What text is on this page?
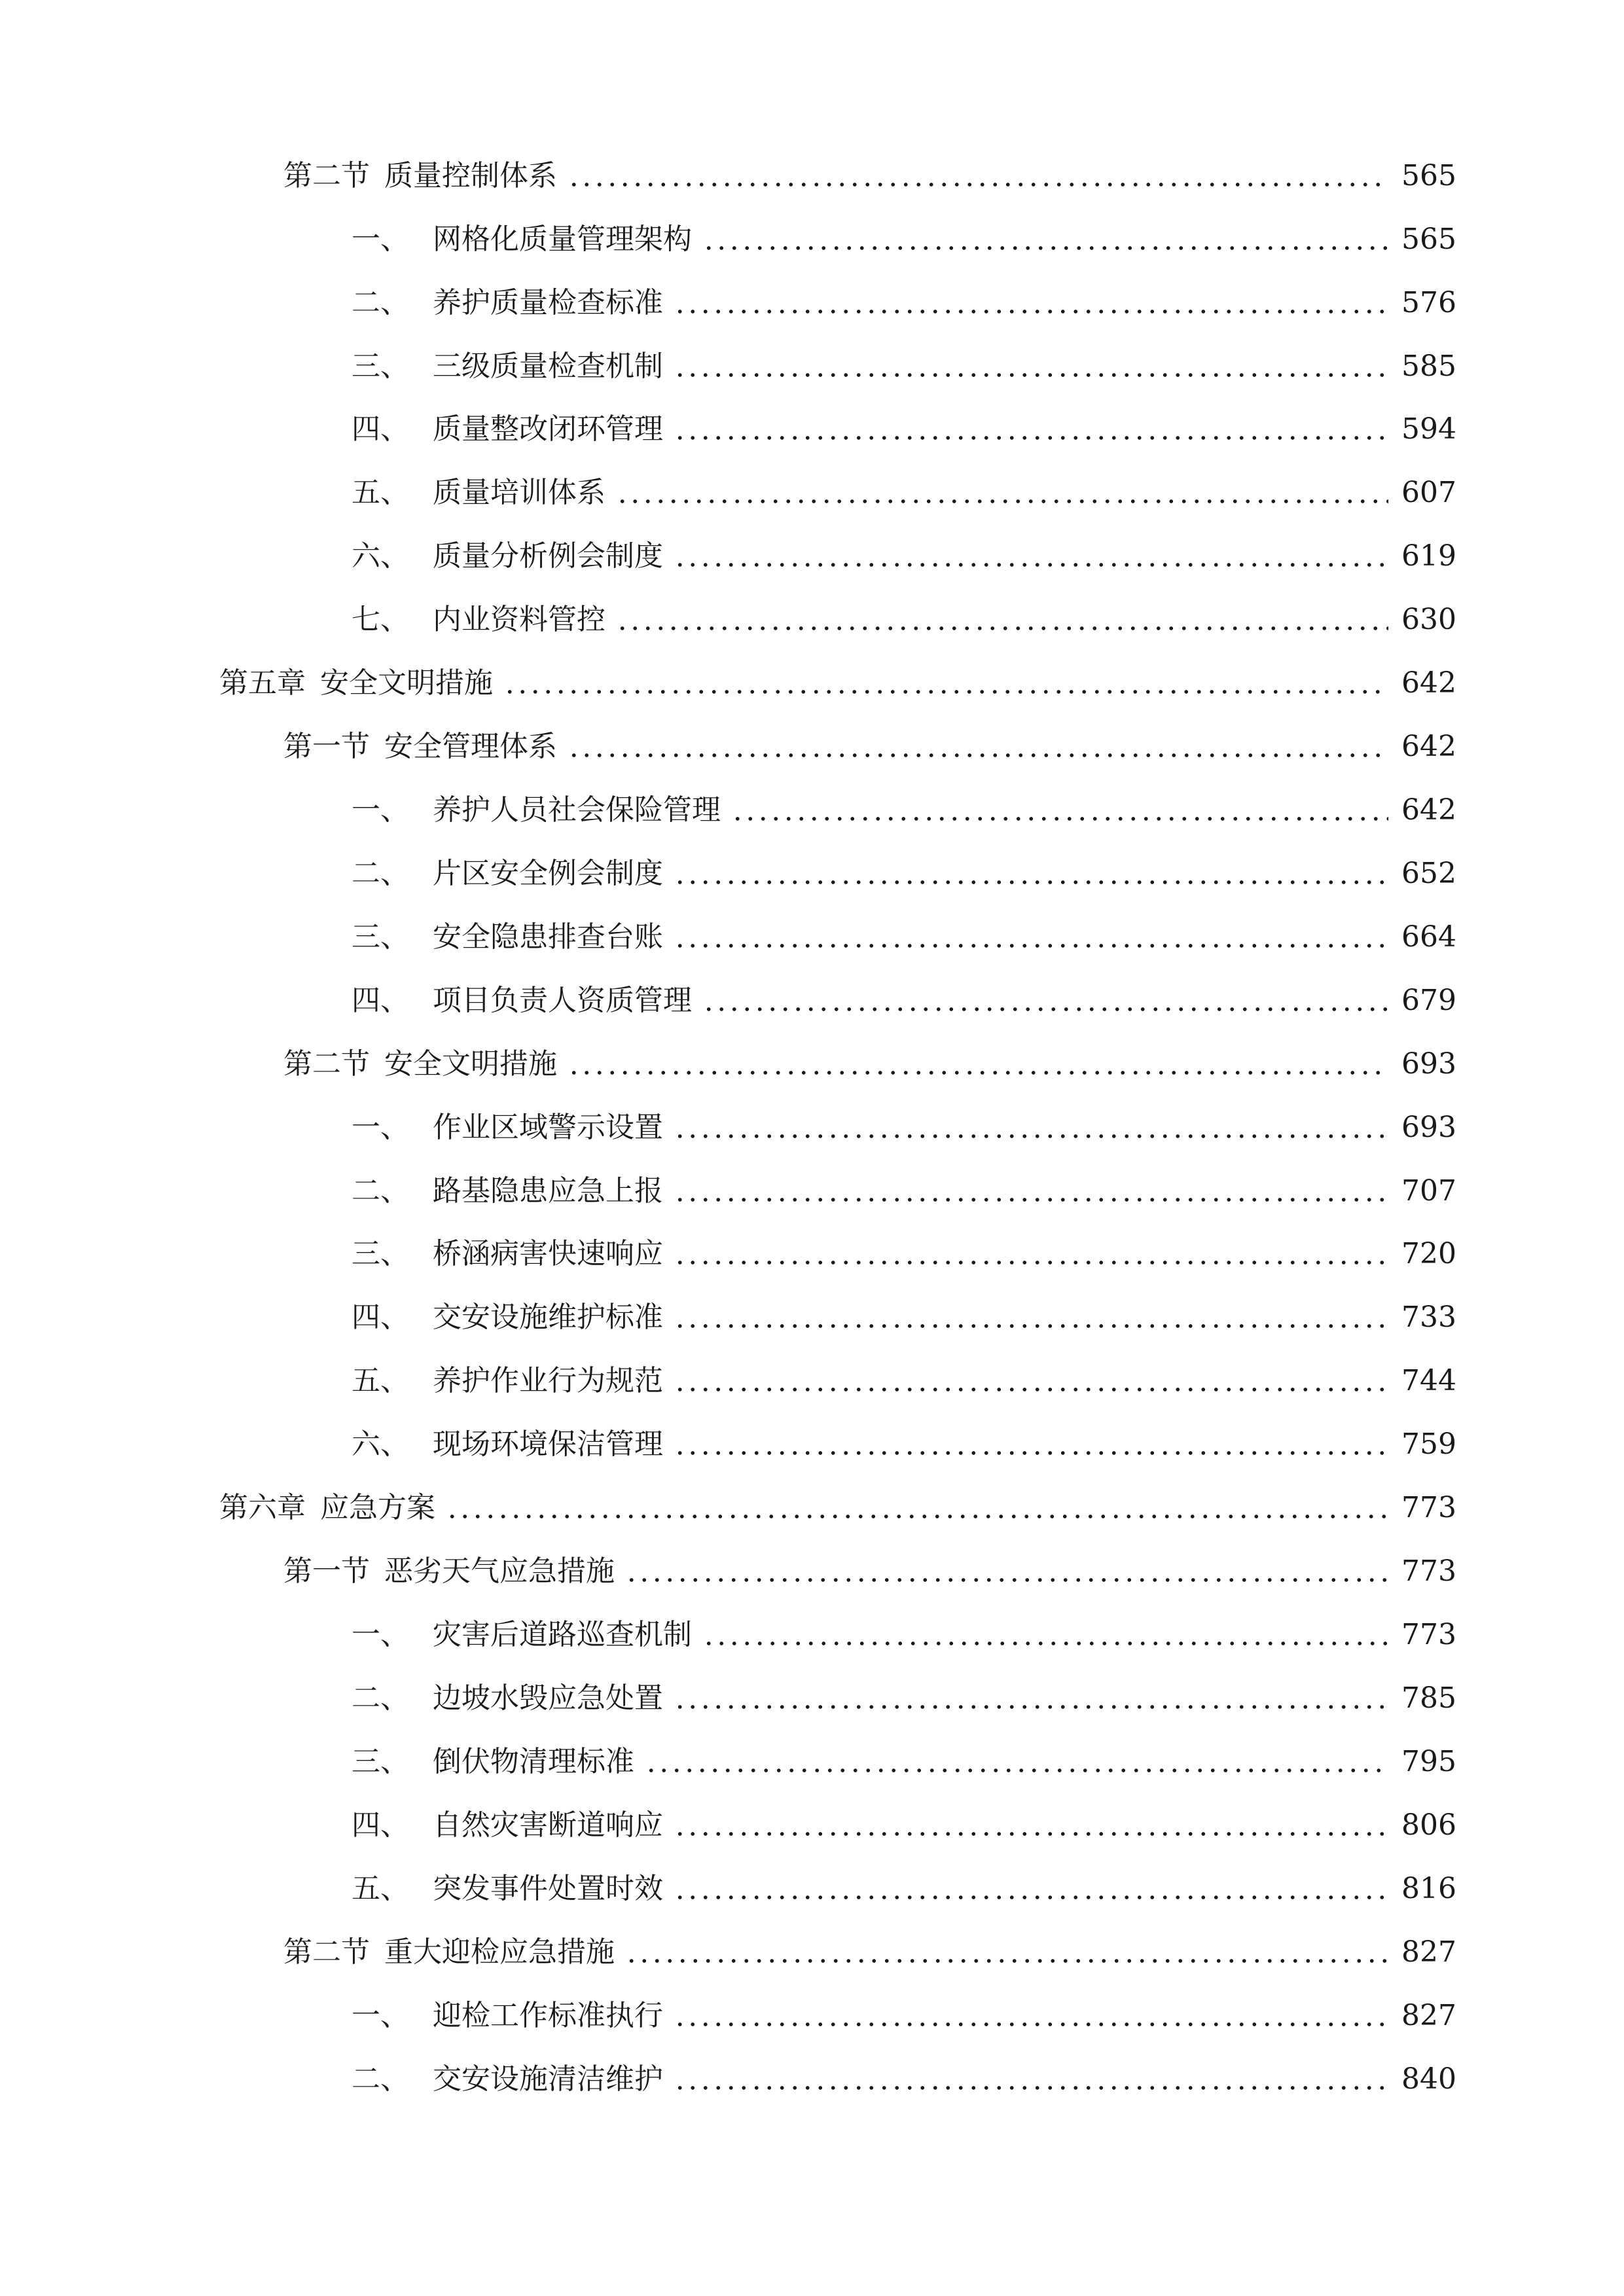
第二节 质量控制体系	565
一、 网格化质量管理架构	565
二、 养护质量检查标准	576
三、 三级质量检查机制	585
四、 质量整改闭环管理	594
五、 质量培训体系	607
六、 质量分析例会制度	619
七、 内业资料管控	630
第五章 安全文明措施	642
第一节 安全管理体系	642
一、 养护人员社会保险管理	642
二、 片区安全例会制度	652
三、 安全隐患排查台账	664
四、 项目负责人资质管理	679
第二节 安全文明措施	693
一、 作业区域警示设置	693
二、 路基隐患应急上报	707
三、 桥涵病害快速响应	720
四、 交安设施维护标准	733
五、 养护作业行为规范	744
六、 现场环境保洁管理	759
第六章 应急方案	773
第一节 恶劣天气应急措施	773
一、 灾害后道路巡查机制	773
二、 边坡水毁应急处置	785
三、 倒伏物清理标准	795
四、 自然灾害断道响应	806
五、 突发事件处置时效	816
第二节 重大迎检应急措施	827
一、 迎检工作标准执行	827
二、 交安设施清洁维护	840
